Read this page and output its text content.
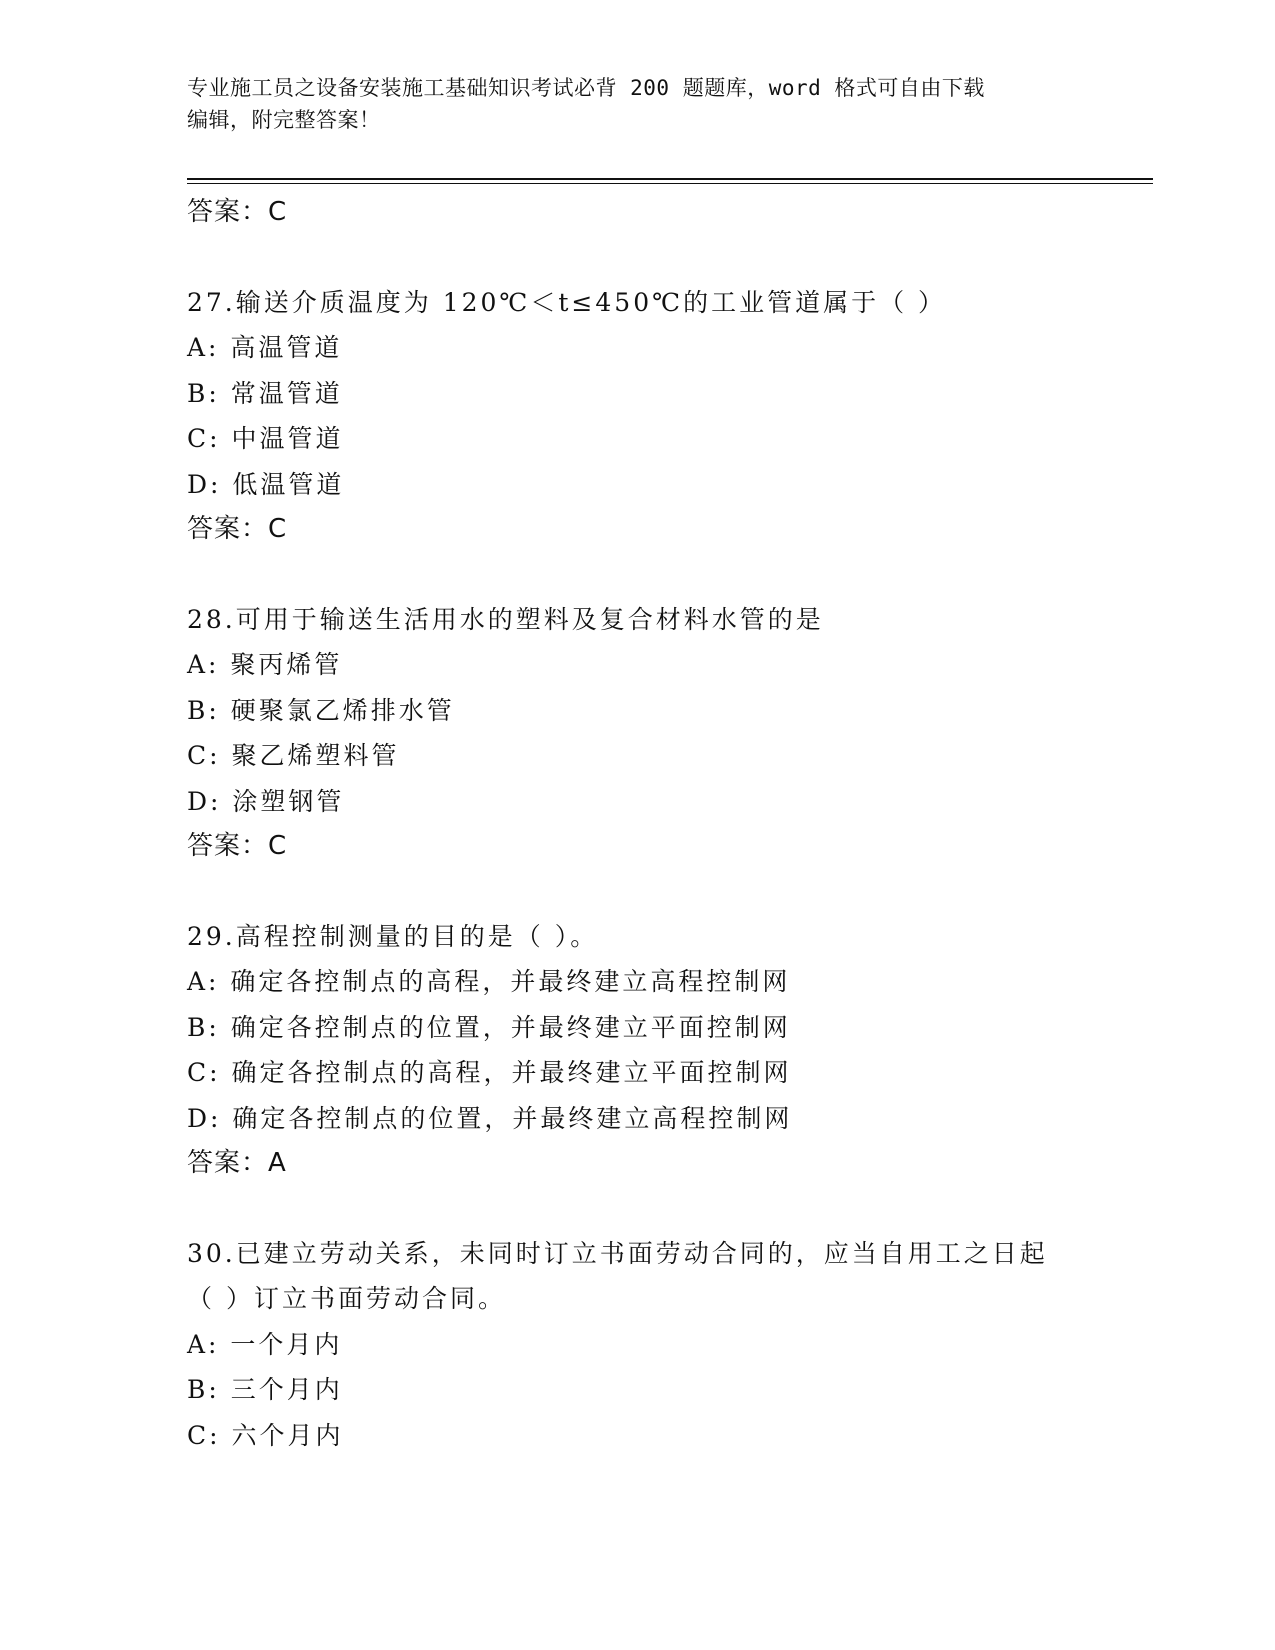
专业施工员之设备安装施工基础知识考试必背 200 题题库，word 格式可自由下载
编辑，附完整答案！
答案：C
27.输送介质温度为 120℃＜t≤450℃的工业管道属于（ ）
A: 高温管道
B: 常温管道
C: 中温管道
D: 低温管道
答案：C
28.可用于输送生活用水的塑料及复合材料水管的是
A: 聚丙烯管
B: 硬聚氯乙烯排水管
C: 聚乙烯塑料管
D: 涂塑钢管
答案：C
29.高程控制测量的目的是（ ）。
A: 确定各控制点的高程，并最终建立高程控制网
B: 确定各控制点的位置，并最终建立平面控制网
C: 确定各控制点的高程，并最终建立平面控制网
D: 确定各控制点的位置，并最终建立高程控制网
答案：A
30.已建立劳动关系，未同时订立书面劳动合同的，应当自用工之日起
（ ）订立书面劳动合同。
A: 一个月内
B: 三个月内
C: 六个月内
